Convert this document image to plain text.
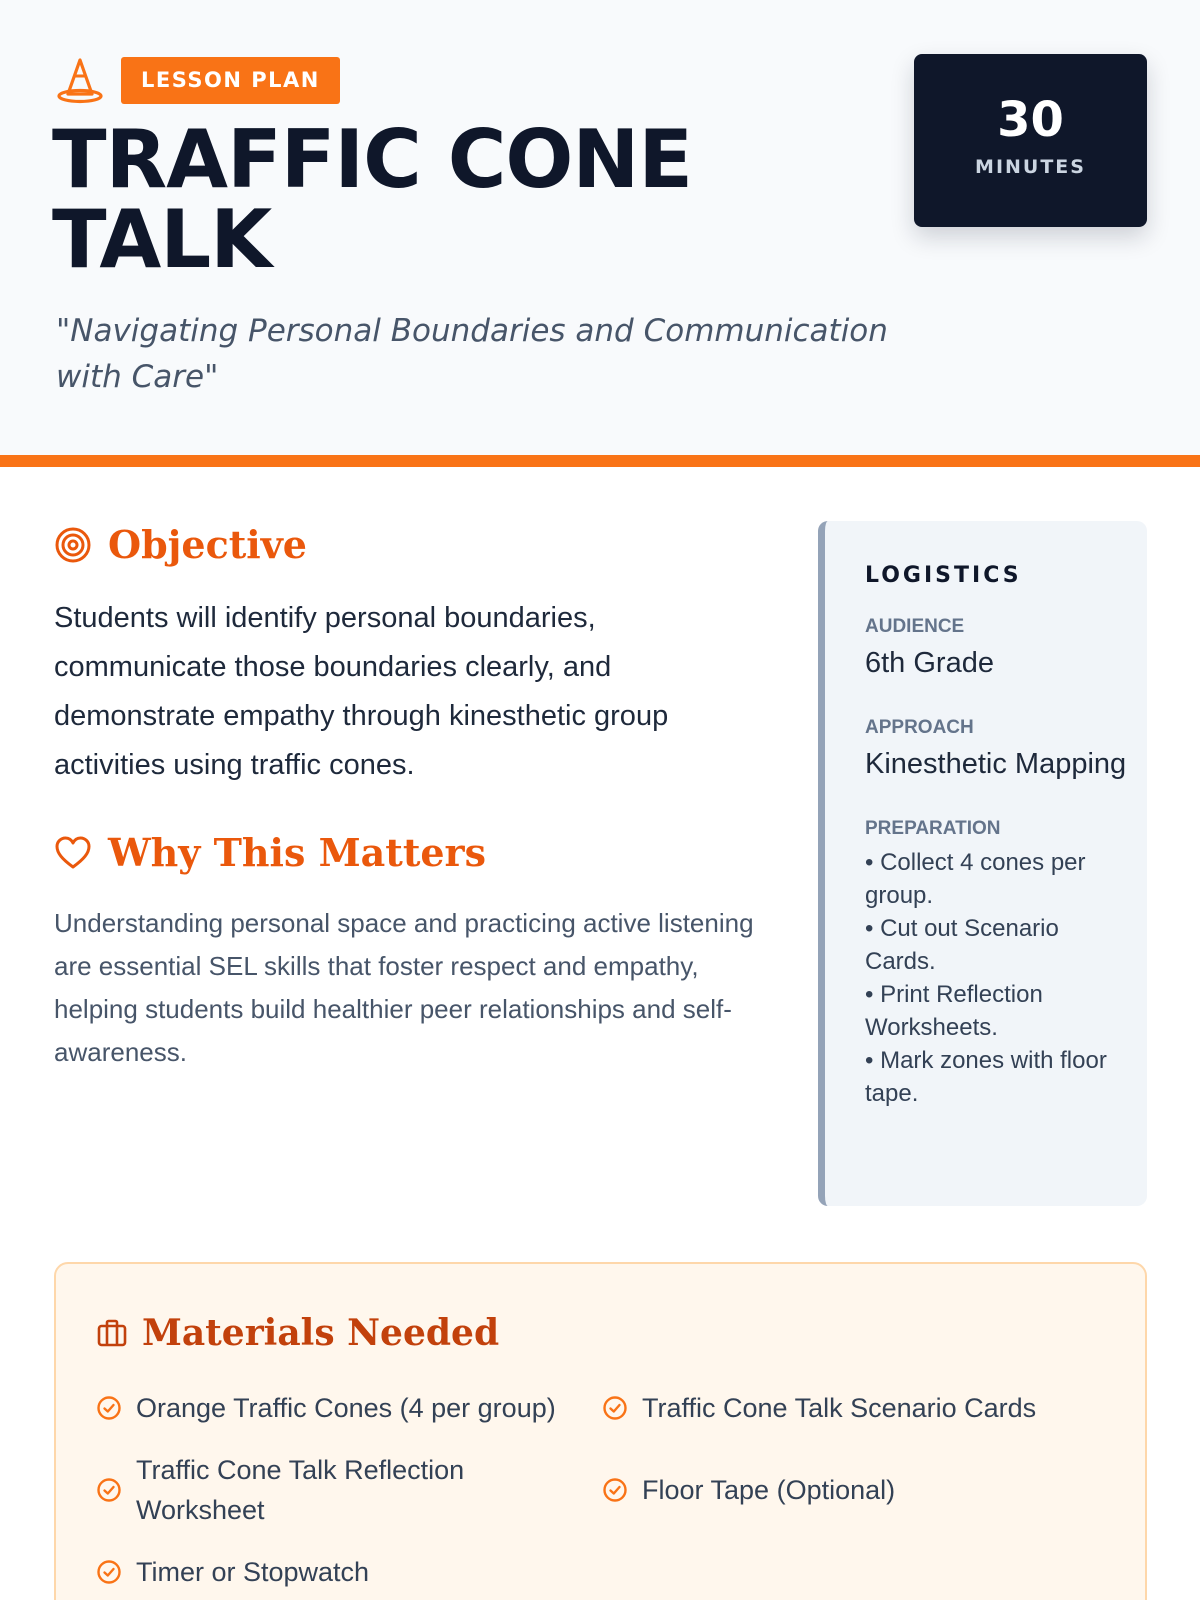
LESSON PLAN
TRAFFIC CONE TALK

"Navigating Personal Boundaries and Communication with Care"

30
MINUTES
Objective

Students will identify personal boundaries, communicate those boundaries clearly, and demonstrate empathy through kinesthetic group activities using traffic cones.

Why This Matters

Understanding personal space and practicing active listening are essential SEL skills that foster respect and empathy, helping students build healthier peer relationships and self-awareness.

LOGISTICS
AUDIENCE
6th Grade
APPROACH
Kinesthetic Mapping
PREPARATION
• Collect 4 cones per group.
• Cut out Scenario Cards.
• Print Reflection Worksheets.
• Mark zones with floor tape.
Materials Needed
Orange Traffic Cones (4 per group)	Traffic Cone Talk Scenario Cards
Traffic Cone Talk Reflection Worksheet
Floor Tape (Optional)
Timer or Stopwatch
